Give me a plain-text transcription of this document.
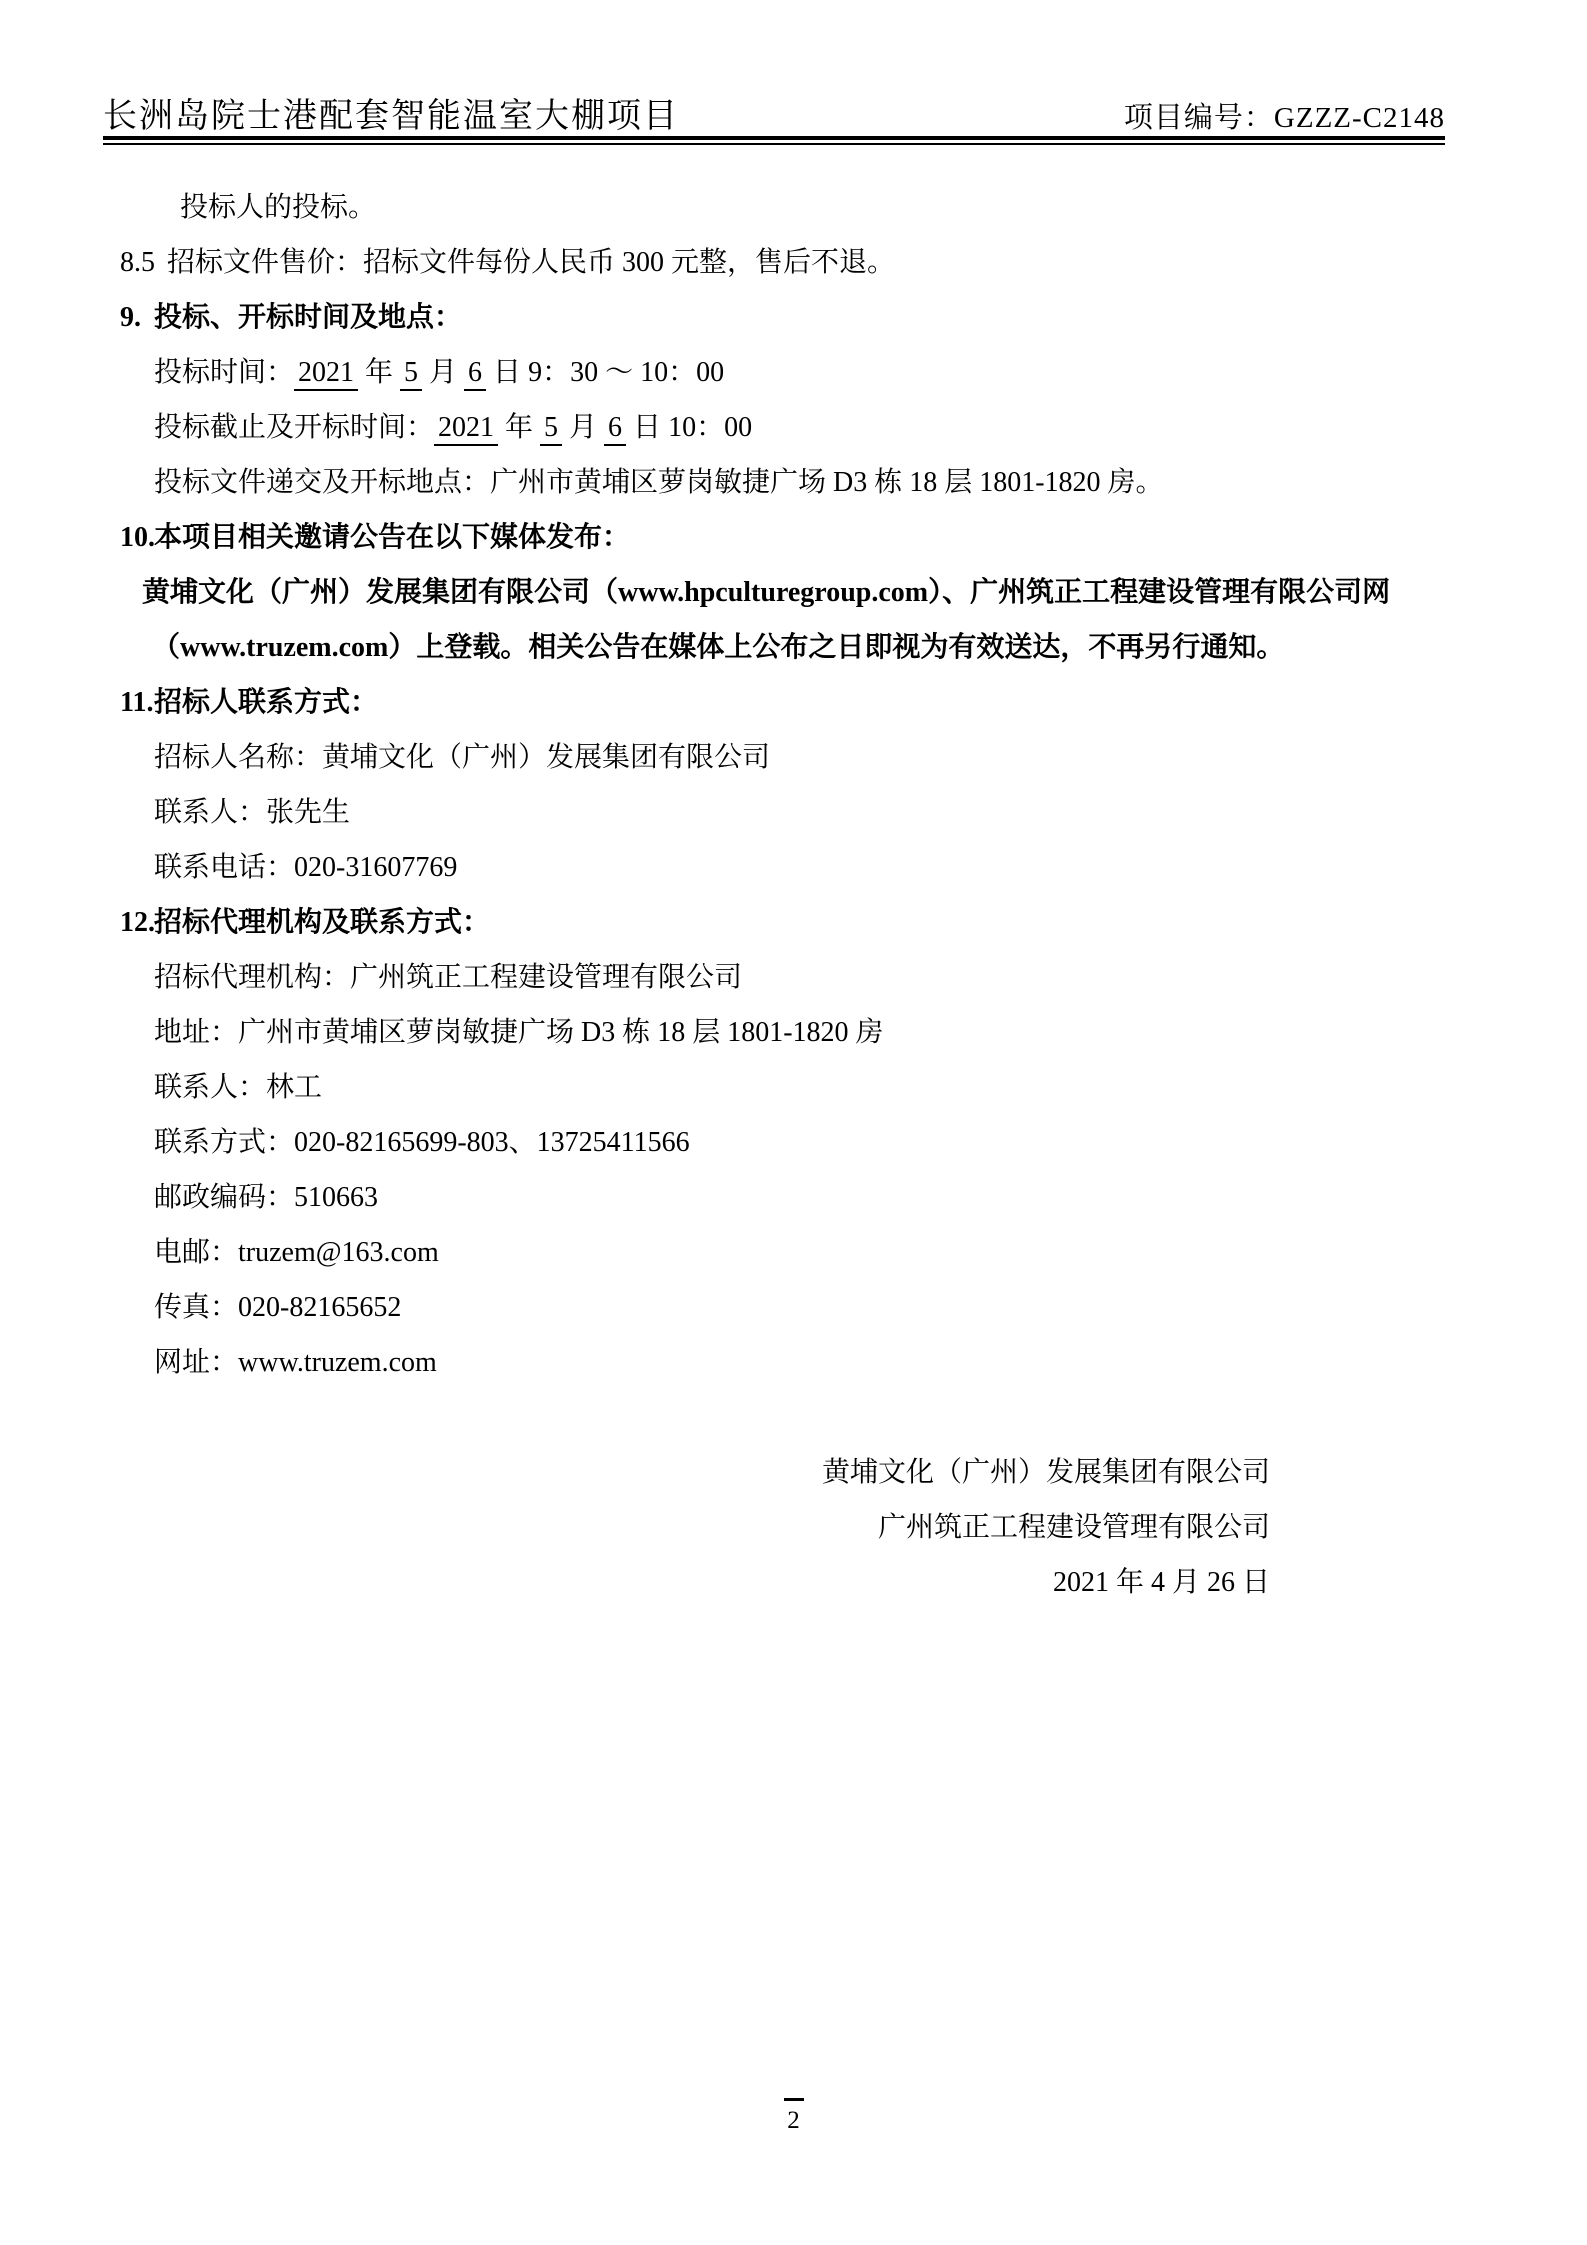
长洲岛院士港配套智能温室大棚项目	项目编号：GZZZ-C2148
投标人的投标。
8.5 招标文件售价：招标文件每份人民币 300 元整，售后不退。
9. 投标、开标时间及地点：
投标时间： 2021 年 5 月 6 日 9：30 ～ 10：00
投标截止及开标时间： 2021 年 5 月 6 日 10：00
投标文件递交及开标地点：广州市黄埔区萝岗敏捷广场 D3 栋 18 层 1801-1820 房。
10.本项目相关邀请公告在以下媒体发布：
黄埔文化（广州）发展集团有限公司（www.hpculturegroup.com）、广州筑正工程建设管理有限公司网
（www.truzem.com）上登载。相关公告在媒体上公布之日即视为有效送达，不再另行通知。
11.招标人联系方式：
招标人名称：黄埔文化（广州）发展集团有限公司
联系人：张先生
联系电话：020-31607769
12.招标代理机构及联系方式：
招标代理机构：广州筑正工程建设管理有限公司
地址：广州市黄埔区萝岗敏捷广场 D3 栋 18 层 1801-1820 房
联系人：林工
联系方式：020-82165699-803、13725411566
邮政编码：510663
电邮：truzem@163.com
传真：020-82165652
网址：www.truzem.com
黄埔文化（广州）发展集团有限公司
广州筑正工程建设管理有限公司
2021 年 4 月 26 日
2
